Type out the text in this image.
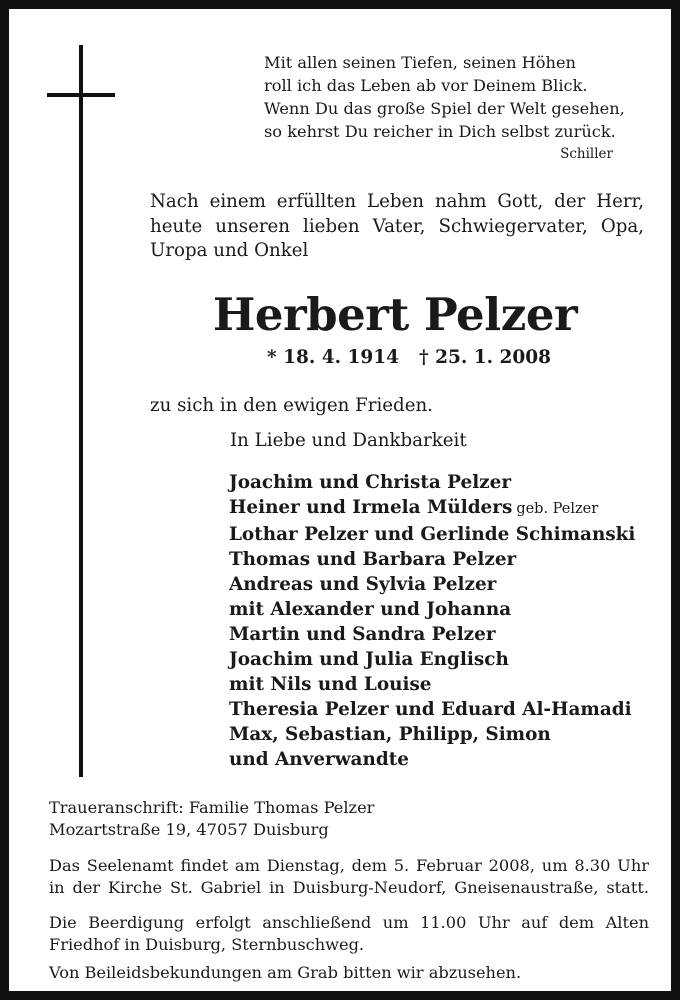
Mit allen seinen Tiefen, seinen Höhen
roll ich das Leben ab vor Deinem Blick.
Wenn Du das große Spiel der Welt gesehen,
so kehrst Du reicher in Dich selbst zurück.
Schiller
Nach einem erfüllten Leben nahm Gott, der Herr,
heute unseren lieben Vater, Schwiegervater, Opa,
Uropa und Onkel
Herbert Pelzer
* 18. 4. 1914 † 25. 1. 2008
zu sich in den ewigen Frieden.
In Liebe und Dankbarkeit
Joachim und Christa Pelzer
Heiner und Irmela Mülders geb. Pelzer
Lothar Pelzer und Gerlinde Schimanski
Thomas und Barbara Pelzer
Andreas und Sylvia Pelzer
mit Alexander und Johanna
Martin und Sandra Pelzer
Joachim und Julia Englisch
mit Nils und Louise
Theresia Pelzer und Eduard Al-Hamadi
Max, Sebastian, Philipp, Simon
und Anverwandte
Traueranschrift: Familie Thomas Pelzer
Mozartstraße 19, 47057 Duisburg
Das Seelenamt findet am Dienstag, dem 5. Februar 2008, um 8.30 Uhr
in der Kirche St. Gabriel in Duisburg-Neudorf, Gneisenaustraße, statt.
Die Beerdigung erfolgt anschließend um 11.00 Uhr auf dem Alten
Friedhof in Duisburg, Sternbuschweg.
Von Beileidsbekundungen am Grab bitten wir abzusehen.
